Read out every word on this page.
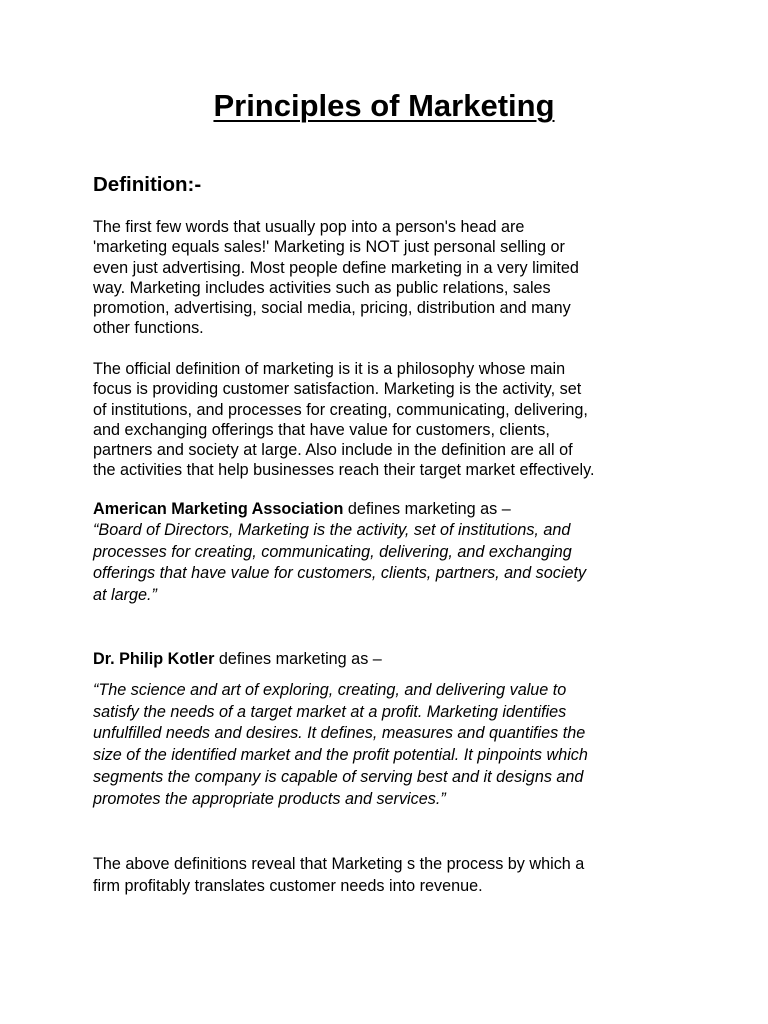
Principles of Marketing
Definition:-

The first few words that usually pop into a person's head are
'marketing equals sales!' Marketing is NOT just personal selling or
even just advertising. Most people define marketing in a very limited
way. Marketing includes activities such as public relations, sales
promotion, advertising, social media, pricing, distribution and many
other functions.

The official definition of marketing is it is a philosophy whose main
focus is providing customer satisfaction. Marketing is the activity, set
of institutions, and processes for creating, communicating, delivering,
and exchanging offerings that have value for customers, clients,
partners and society at large. Also include in the definition are all of
the activities that help businesses reach their target market effectively.

American Marketing Association defines marketing as –

“Board of Directors, Marketing is the activity, set of institutions, and
processes for creating, communicating, delivering, and exchanging
offerings that have value for customers, clients, partners, and society
at large.”

Dr. Philip Kotler defines marketing as –

“The science and art of exploring, creating, and delivering value to
satisfy the needs of a target market at a profit. Marketing identifies
unfulfilled needs and desires. It defines, measures and quantifies the
size of the identified market and the profit potential. It pinpoints which
segments the company is capable of serving best and it designs and
promotes the appropriate products and services.”

The above definitions reveal that Marketing s the process by which a
firm profitably translates customer needs into revenue.
